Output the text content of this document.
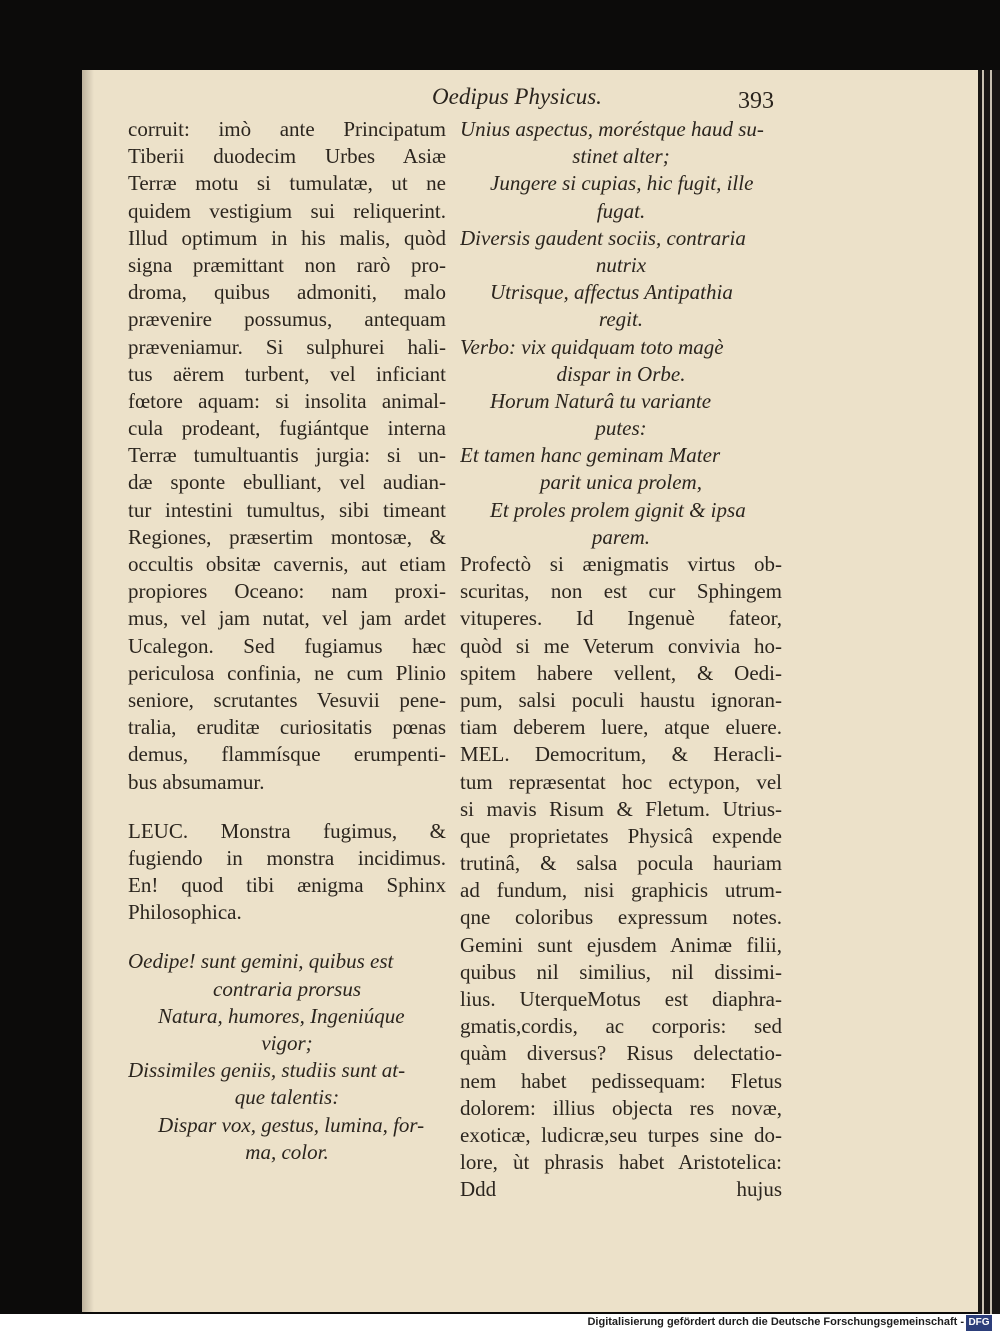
Oedipus Physicus.	393
corruit: imò ante Principatum
Tiberii duodecim Urbes Asiæ
Terræ motu si tumulatæ, ut ne
quidem vestigium sui reliquerint.
Illud optimum in his malis, quòd
signa præmittant non rarò pro-
droma, quibus admoniti, malo
prævenire possumus, antequam
præveniamur. Si sulphurei hali-
tus aërem turbent, vel inficiant
fœtore aquam: si insolita animal-
cula prodeant, fugiántque interna
Terræ tumultuantis jurgia: si un-
dæ sponte ebulliant, vel audian-
tur intestini tumultus, sibi timeant
Regiones, præsertim montosæ, &
occultis obsitæ cavernis, aut etiam
propiores Oceano: nam proxi-
mus, vel jam nutat, vel jam ardet
Ucalegon. Sed fugiamus hæc
periculosa confinia, ne cum Plinio
seniore, scrutantes Vesuvii pene-
tralia, eruditæ curiositatis pœnas
demus, flammísque erumpenti-
bus absumamur.
LEUC. Monstra fugimus, &
fugiendo in monstra incidimus.
En! quod tibi ænigma Sphinx
Philosophica.
Oedipe! sunt gemini, quibus est
contraria prorsus
Natura, humores, Ingeniúque
vigor;
Dissimiles geniis, studiis sunt at-
que talentis:
Dispar vox, gestus, lumina, for-
ma, color.
Unius aspectus, moréstque haud su-
stinet alter;
Jungere si cupias, hic fugit, ille
fugat.
Diversis gaudent sociis, contraria
nutrix
Utrisque, affectus Antipathia
regit.
Verbo: vix quidquam toto magè
dispar in Orbe.
Horum Naturâ tu variante
putes:
Et tamen hanc geminam Mater
parit unica prolem,
Et proles prolem gignit & ipsa
parem.
Profectò si ænigmatis virtus ob-
scuritas, non est cur Sphingem
vituperes. Id Ingenuè fateor,
quòd si me Veterum convivia ho-
spitem habere vellent, & Oedi-
pum, salsi poculi haustu ignoran-
tiam deberem luere, atque eluere.
MEL. Democritum, & Heracli-
tum repræsentat hoc ectypon, vel
si mavis Risum & Fletum. Utrius-
que proprietates Physicâ expende
trutinâ, & salsa pocula hauriam
ad fundum, nisi graphicis utrum-
qne coloribus expressum notes.
Gemini sunt ejusdem Animæ filii,
quibus nil similius, nil dissimi-
lius. UterqueMotus est diaphra-
gmatis,cordis, ac corporis: sed
quàm diversus? Risus delectatio-
nem habet pedissequam: Fletus
dolorem: illius objecta res novæ,
exoticæ, ludicræ,seu turpes sine do-
lore, ùt phrasis habet Aristotelica:
Ddd	hujus
Digitalisierung gefördert durch die Deutsche Forschungsgemeinschaft - DFG
